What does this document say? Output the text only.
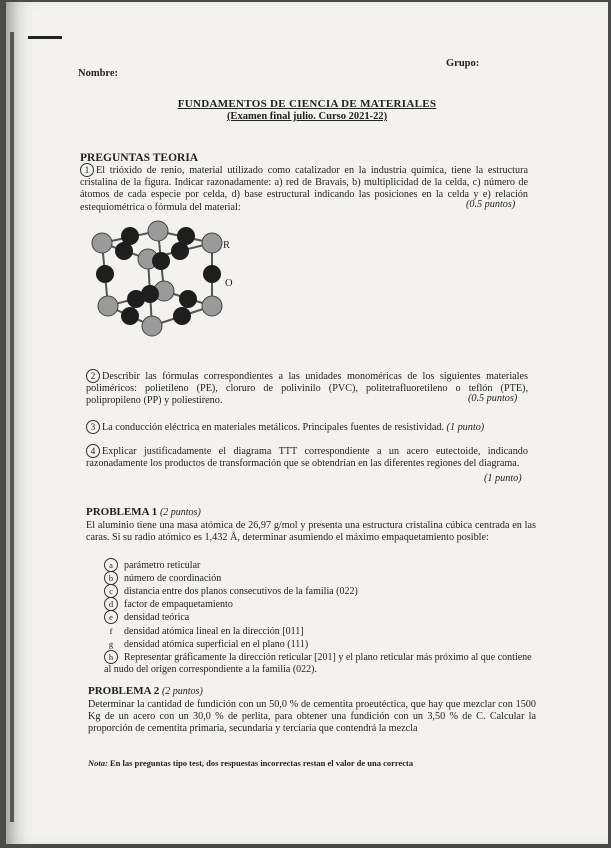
Grupo:
Nombre:
FUNDAMENTOS DE CIENCIA DE MATERIALES
(Examen final julio. Curso 2021-22)
PREGUNTAS TEORIA
1 El trióxido de renio, material utilizado como catalizador en la industria química, tiene la estructura cristalina de la figura. Indicar razonadamente: a) red de Bravais, b) multiplicidad de la celda, c) número de átomos de cada especie por celda, d) base estructural indicando las posiciones en la celda y e) relación estequiométrica o fórmula del material:	(0.5 puntos)
R
O
2 Describir las fórmulas correspondientes a las unidades monoméricas de los siguientes materiales poliméricos: polietileno (PE), cloruro de polivinilo (PVC), politetrafluoretileno o teflón (PTE), polipropileno (PP) y poliestireno.	(0.5 puntos)
3 La conducción eléctrica en materiales metálicos. Principales fuentes de resistividad. (1 punto)
4 Explicar justificadamente el diagrama TTT correspondiente a un acero eutectoide, indicando razonadamente los productos de transformación que se obtendrían en las diferentes regiones del diagrama.
(1 punto)
PROBLEMA 1 (2 puntos)
El aluminio tiene una masa atómica de 26,97 g/mol y presenta una estructura cristalina cúbica centrada en las caras. Si su radio atómico es 1,432 Å, determinar asumiendo el máximo empaquetamiento posible:
a parámetro reticular
b número de coordinación
c distancia entre dos planos consecutivos de la familia (022)
d factor de empaquetamiento
e densidad teórica
f densidad atómica lineal en la dirección [011]
g densidad atómica superficial en el plano (111)
h Representar gráficamente la dirección reticular [201] y el plano reticular más próximo al que contiene al nudo del origen correspondiente a la familia (022).
PROBLEMA 2 (2 puntos)
Determinar la cantidad de fundición con un 50,0 % de cementita proeutéctica, que hay que mezclar con 1500 Kg de un acero con un 30,0 % de perlita, para obtener una fundición con un 3,50 % de C. Calcular la proporción de cementita primaria, secundaria y terciaria que contendrá la mezcla
Nota: En las preguntas tipo test, dos respuestas incorrectas restan el valor de una correcta
